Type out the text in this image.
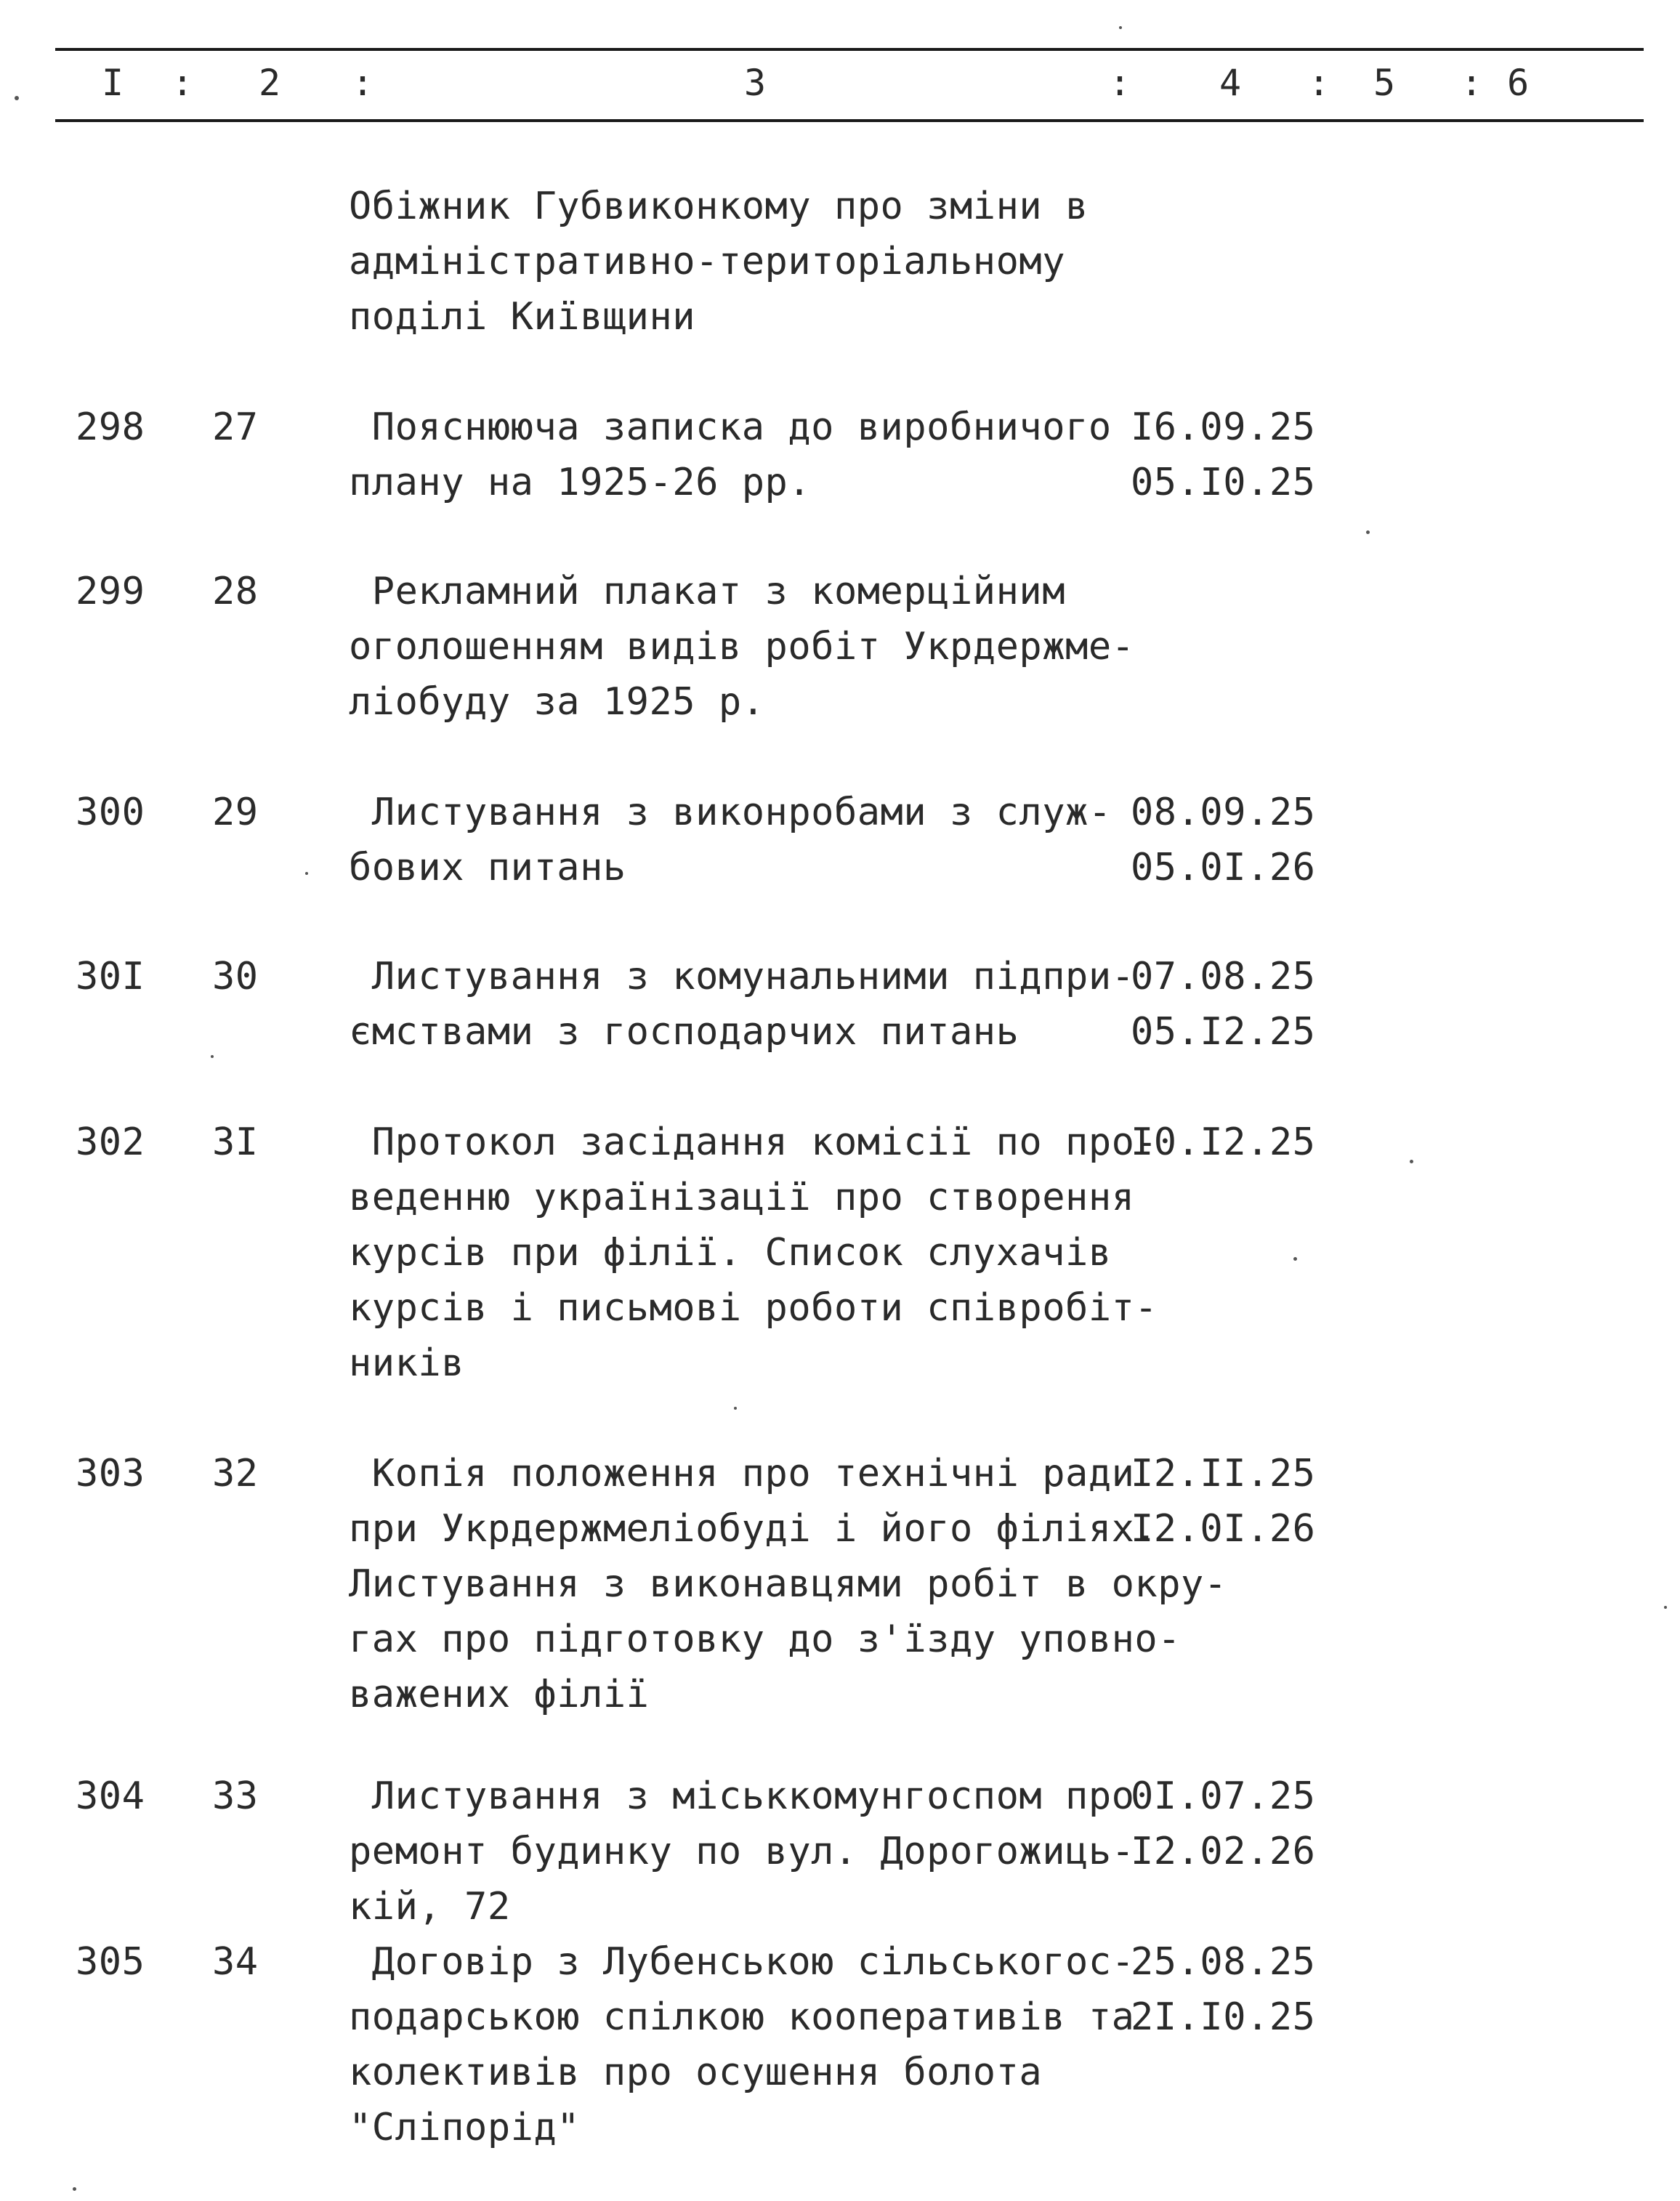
I : 2 :	3	: 4 : 5 : 6
Обіжник Губвиконкому про зміни в
адміністративно-територіальному
поділі Київщини
298 27 Пояснююча записка до виробничого
плану на 1925-26 рр.
I6.09.25
05.I0.25
299 28 Рекламний плакат з комерційним
оголошенням видів робіт Укрдержме-
ліобуду за 1925 р.
300 29 Листування з виконробами з служ-
бових питань
08.09.25
05.0I.26
30I 30 Листування з комунальними підпри-
ємствами з господарчих питань
07.08.25
05.I2.25
302 3I Протокол засідання комісії по про-
веденню українізації про створення
курсів при філії. Список слухачів
курсів і письмові роботи співробіт-
ників
I0.I2.25
303 32 Копія положення про технічні ради
при Укрдержмеліобуді і його філіях.
Листування з виконавцями робіт в окру-
гах про підготовку до з'їзду уповно-
важених філії
I2.II.25
I2.0I.26
304 33 Листування з міськкомунгоспом про
ремонт будинку по вул. Дорогожиць-
кій, 72
0I.07.25
I2.02.26
305 34 Договір з Лубенською сільськогос-
подарською спілкою кооперативів та
колективів про осушення болота
"Сліпорід"
25.08.25
2I.I0.25
